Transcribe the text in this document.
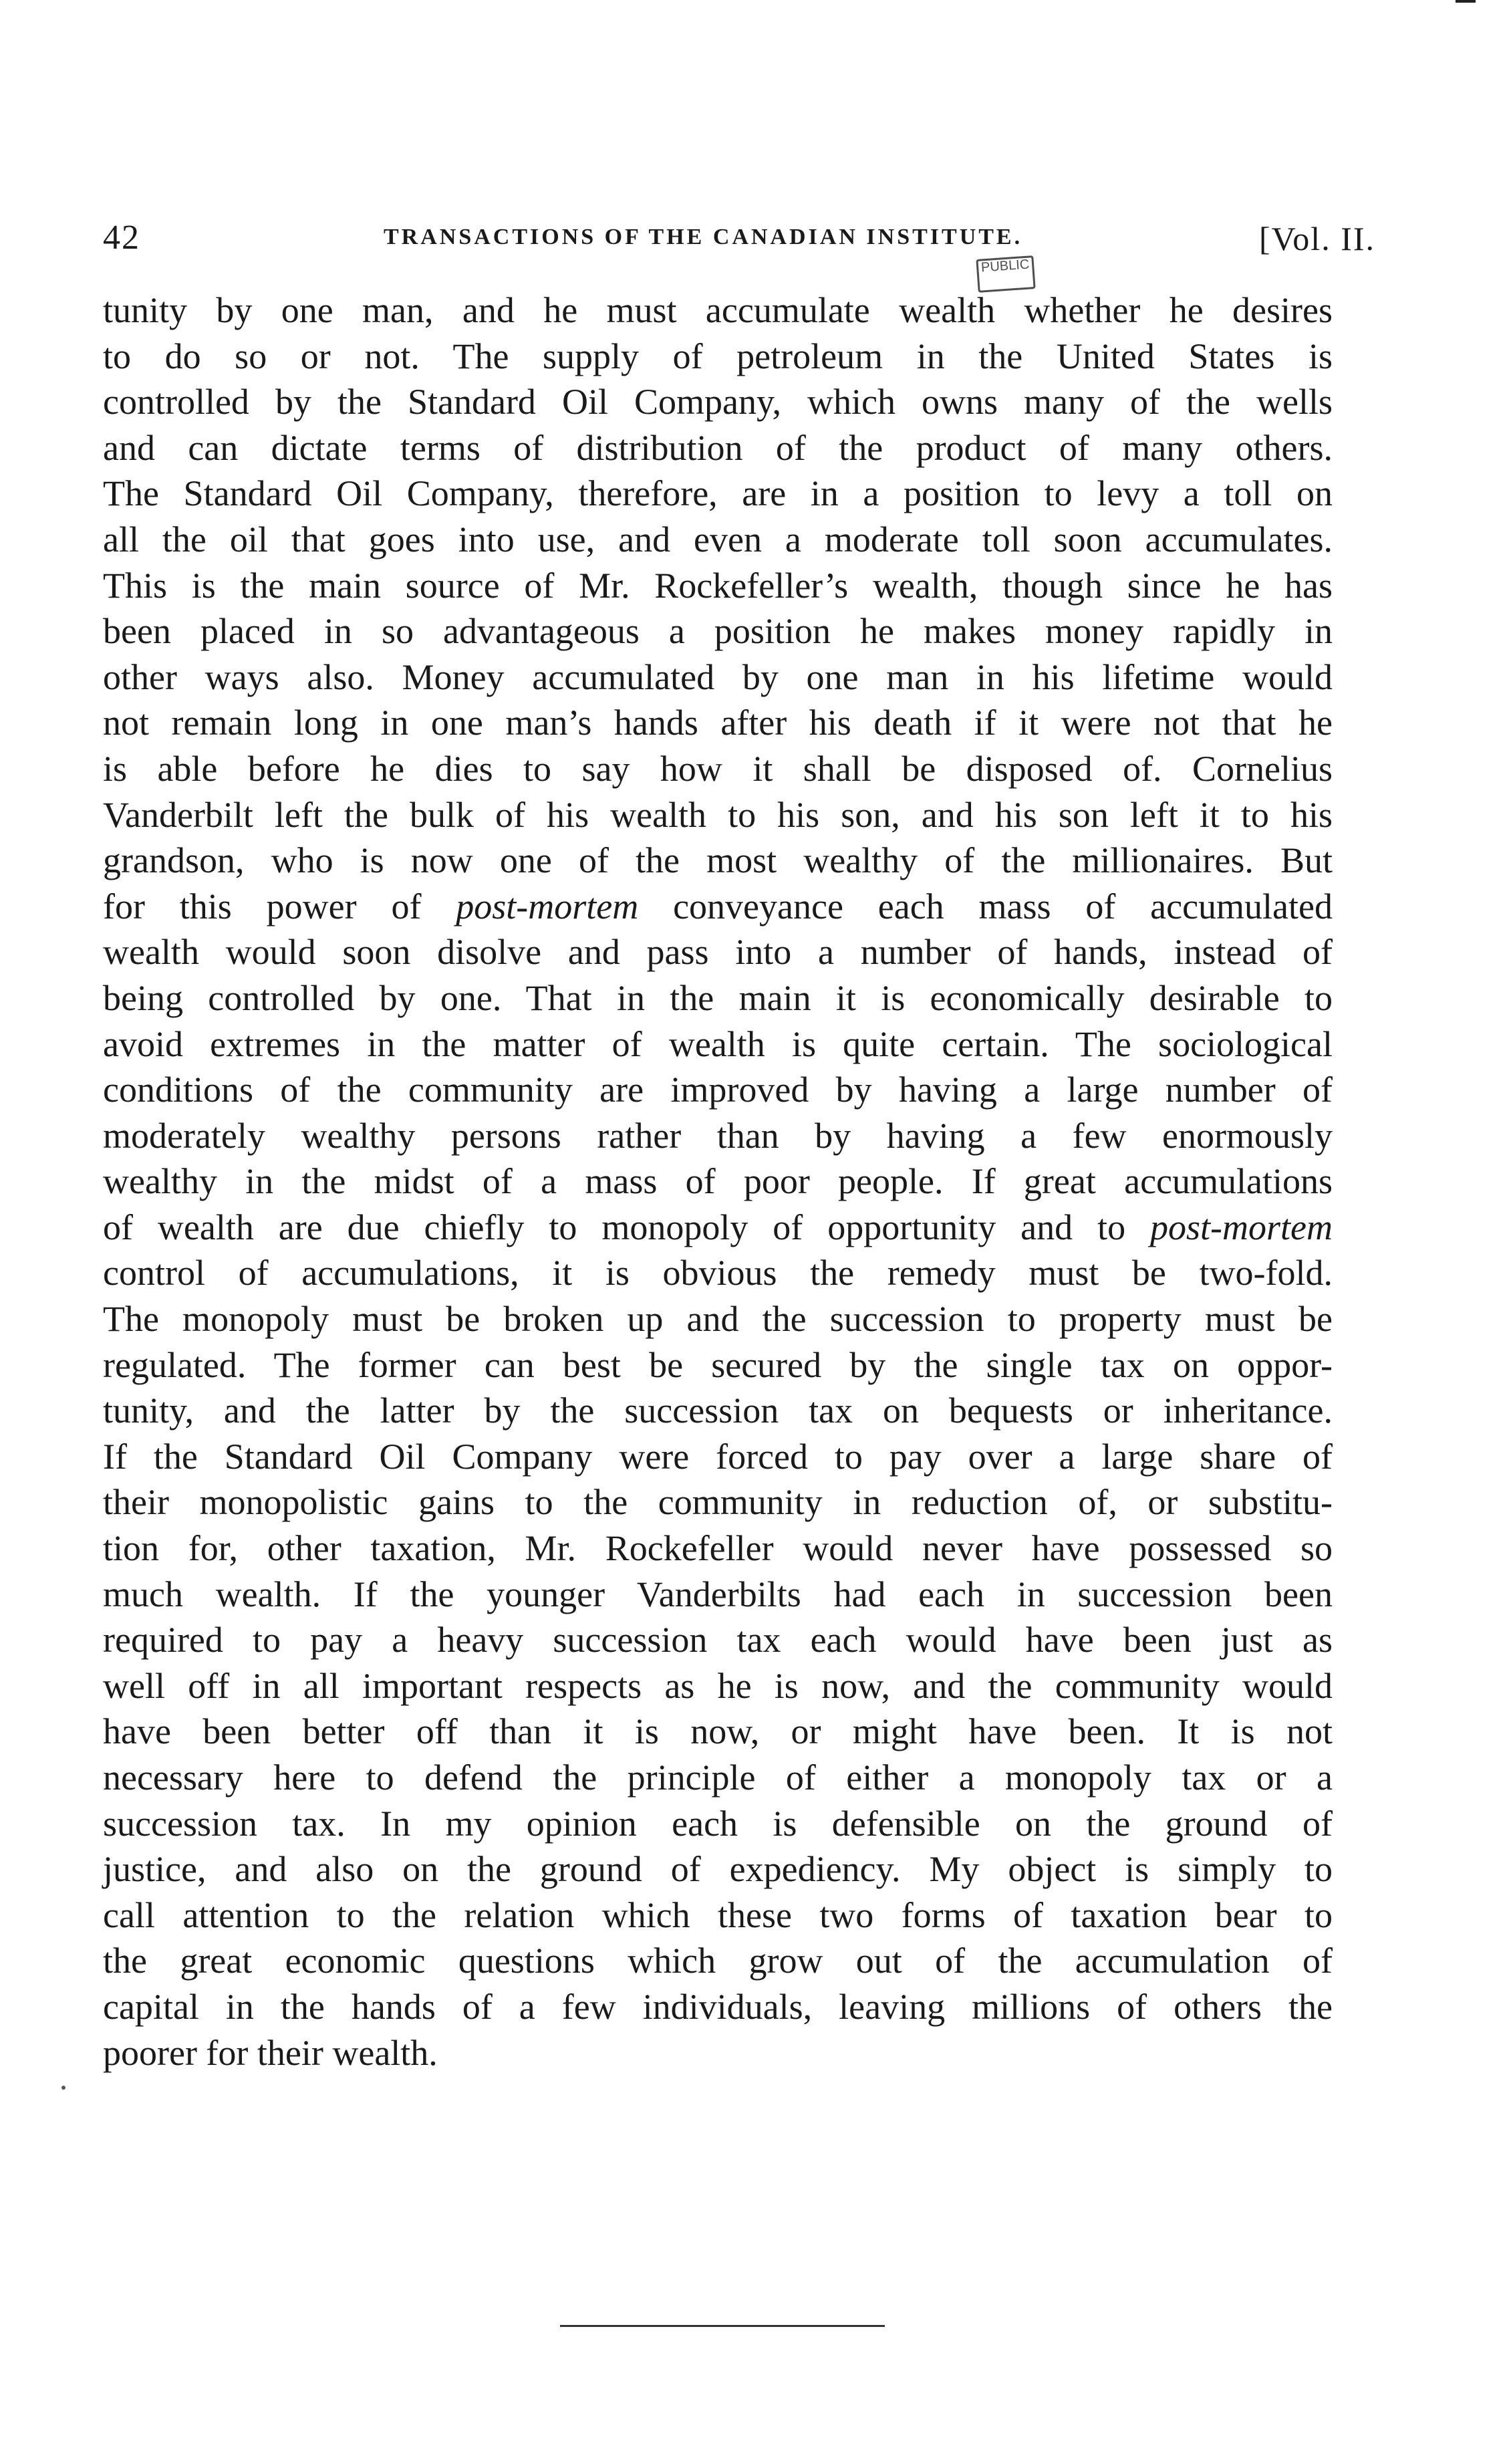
42	TRANSACTIONS OF THE CANADIAN INSTITUTE.	[Vol. II.
PUBLIC
tunity by one man, and he must accumulate wealth whether he desires
to do so or not. The supply of petroleum in the United States is
controlled by the Standard Oil Company, which owns many of the wells
and can dictate terms of distribution of the product of many others.
The Standard Oil Company, therefore, are in a position to levy a toll on
all the oil that goes into use, and even a moderate toll soon accumulates.
This is the main source of Mr. Rockefeller’s wealth, though since he has
been placed in so advantageous a position he makes money rapidly in
other ways also. Money accumulated by one man in his lifetime would
not remain long in one man’s hands after his death if it were not that he
is able before he dies to say how it shall be disposed of. Cornelius
Vanderbilt left the bulk of his wealth to his son, and his son left it to his
grandson, who is now one of the most wealthy of the millionaires. But
for this power of post-mortem conveyance each mass of accumulated
wealth would soon disolve and pass into a number of hands, instead of
being controlled by one. That in the main it is economically desirable to
avoid extremes in the matter of wealth is quite certain. The sociological
conditions of the community are improved by having a large number of
moderately wealthy persons rather than by having a few enormously
wealthy in the midst of a mass of poor people. If great accumulations
of wealth are due chiefly to monopoly of opportunity and to post-mortem
control of accumulations, it is obvious the remedy must be two-fold.
The monopoly must be broken up and the succession to property must be
regulated. The former can best be secured by the single tax on oppor-
tunity, and the latter by the succession tax on bequests or inheritance.
If the Standard Oil Company were forced to pay over a large share of
their monopolistic gains to the community in reduction of, or substitu-
tion for, other taxation, Mr. Rockefeller would never have possessed so
much wealth. If the younger Vanderbilts had each in succession been
required to pay a heavy succession tax each would have been just as
well off in all important respects as he is now, and the community would
have been better off than it is now, or might have been. It is not
necessary here to defend the principle of either a monopoly tax or a
succession tax. In my opinion each is defensible on the ground of
justice, and also on the ground of expediency. My object is simply to
call attention to the relation which these two forms of taxation bear to
the great economic questions which grow out of the accumulation of
capital in the hands of a few individuals, leaving millions of others the
poorer for their wealth.
